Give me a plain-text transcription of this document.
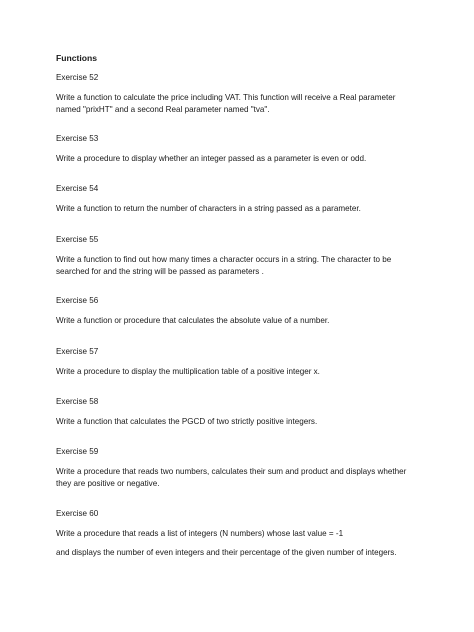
Functions
Exercise 52
Write a function to calculate the price including VAT. This function will receive a Real parameter
named "prixHT" and a second Real parameter named "tva".
Exercise 53
Write a procedure to display whether an integer passed as a parameter is even or odd.
Exercise 54
Write a function to return the number of characters in a string passed as a parameter.
Exercise 55
Write a function to find out how many times a character occurs in a string. The character to be
searched for and the string will be passed as parameters .
Exercise 56
Write a function or procedure that calculates the absolute value of a number.
Exercise 57
Write a procedure to display the multiplication table of a positive integer x.
Exercise 58
Write a function that calculates the PGCD of two strictly positive integers.
Exercise 59
Write a procedure that reads two numbers, calculates their sum and product and displays whether
they are positive or negative.
Exercise 60
Write a procedure that reads a list of integers (N numbers) whose last value = -1
and displays the number of even integers and their percentage of the given number of integers.
